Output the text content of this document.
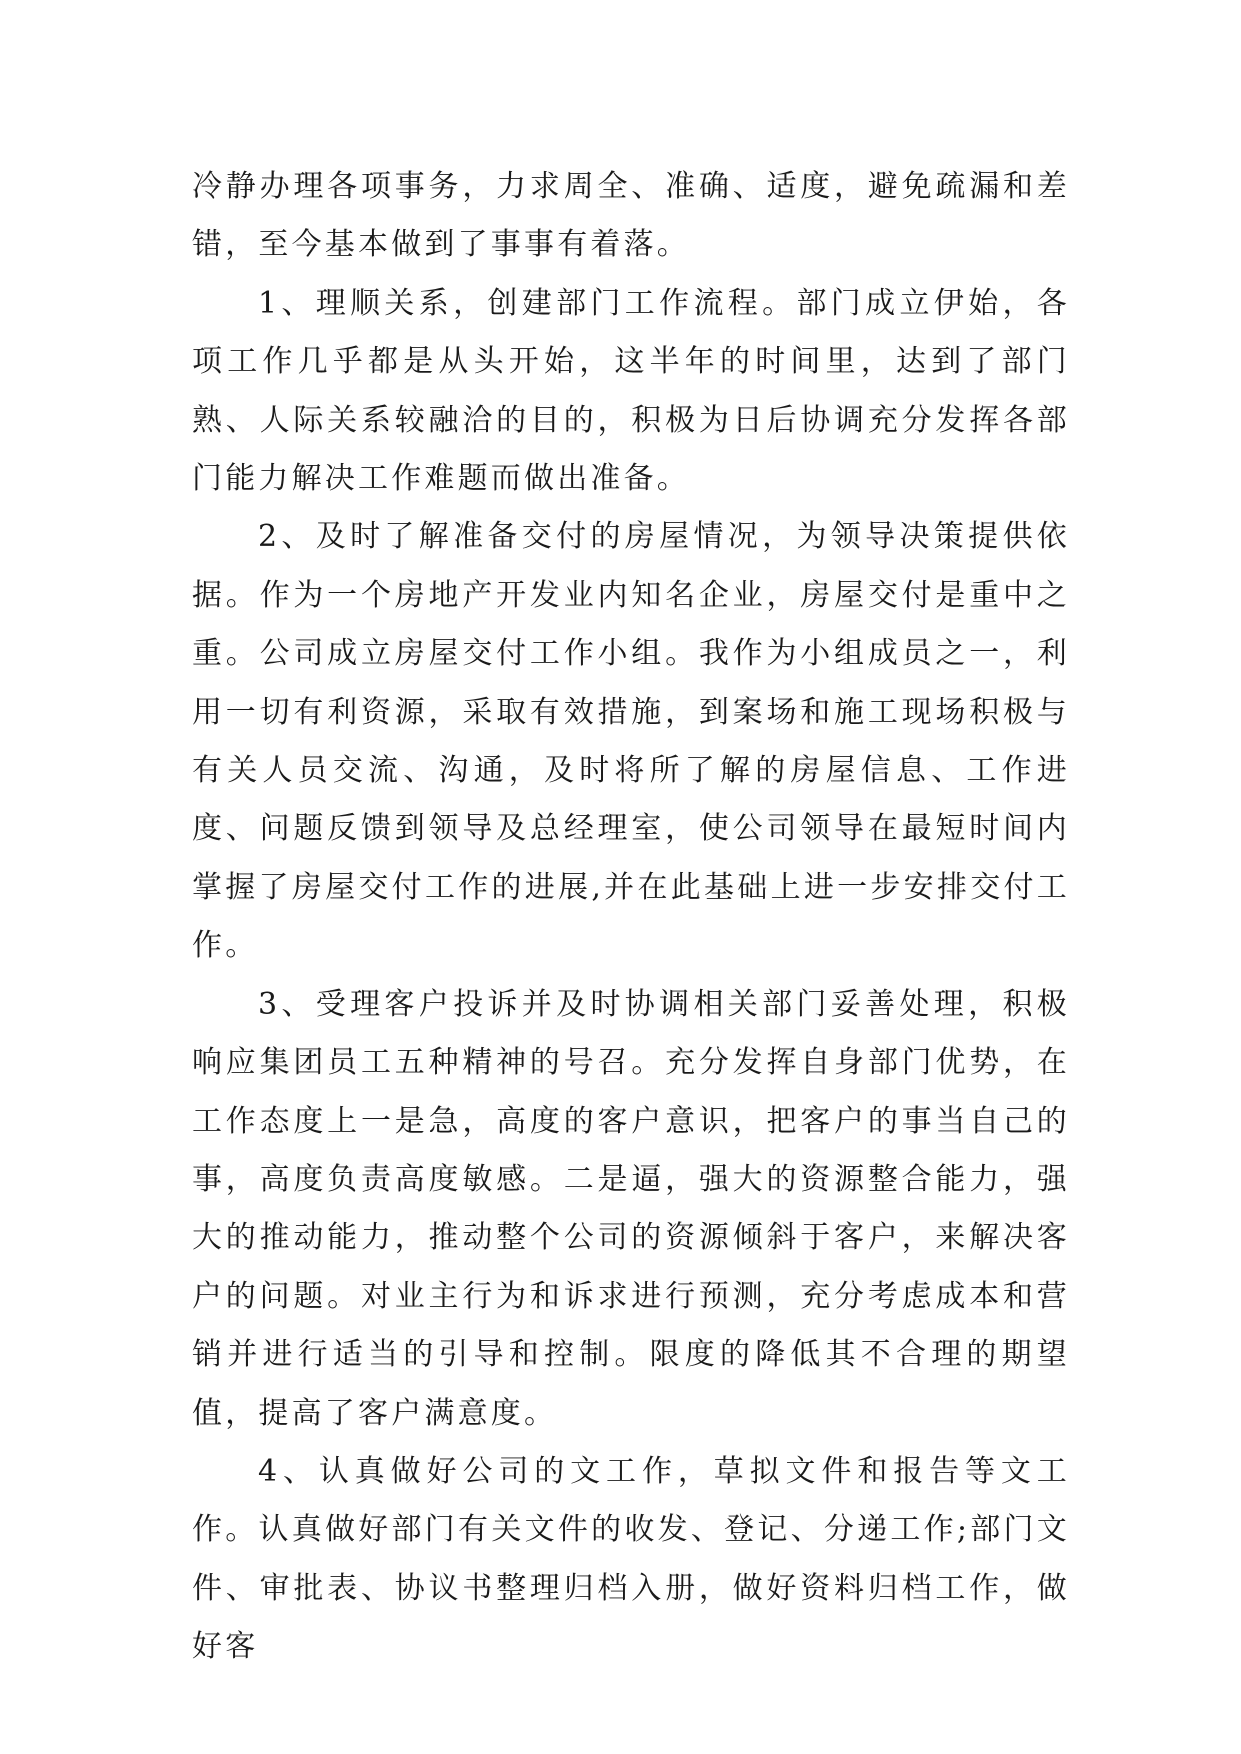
冷静办理各项事务，力求周全、准确、适度，避免疏漏和差错，至今基本做到了事事有着落。

1、理顺关系，创建部门工作流程。部门成立伊始，各项工作几乎都是从头开始，这半年的时间里，达到了部门熟、人际关系较融洽的目的，积极为日后协调充分发挥各部门能力解决工作难题而做出准备。

2、及时了解准备交付的房屋情况，为领导决策提供依据。作为一个房地产开发业内知名企业，房屋交付是重中之重。公司成立房屋交付工作小组。我作为小组成员之一，利用一切有利资源，采取有效措施，到案场和施工现场积极与有关人员交流、沟通，及时将所了解的房屋信息、工作进度、问题反馈到领导及总经理室，使公司领导在最短时间内掌握了房屋交付工作的进展,并在此基础上进一步安排交付工作。

3、受理客户投诉并及时协调相关部门妥善处理，积极响应集团员工五种精神的号召。充分发挥自身部门优势，在工作态度上一是急，高度的客户意识，把客户的事当自己的事，高度负责高度敏感。二是逼，强大的资源整合能力，强大的推动能力，推动整个公司的资源倾斜于客户，来解决客户的问题。对业主行为和诉求进行预测，充分考虑成本和营销并进行适当的引导和控制。限度的降低其不合理的期望值，提高了客户满意度。

4、认真做好公司的文工作，草拟文件和报告等文工作。认真做好部门有关文件的收发、登记、分递工作;部门文件、审批表、协议书整理归档入册，做好资料归档工作，做好客
